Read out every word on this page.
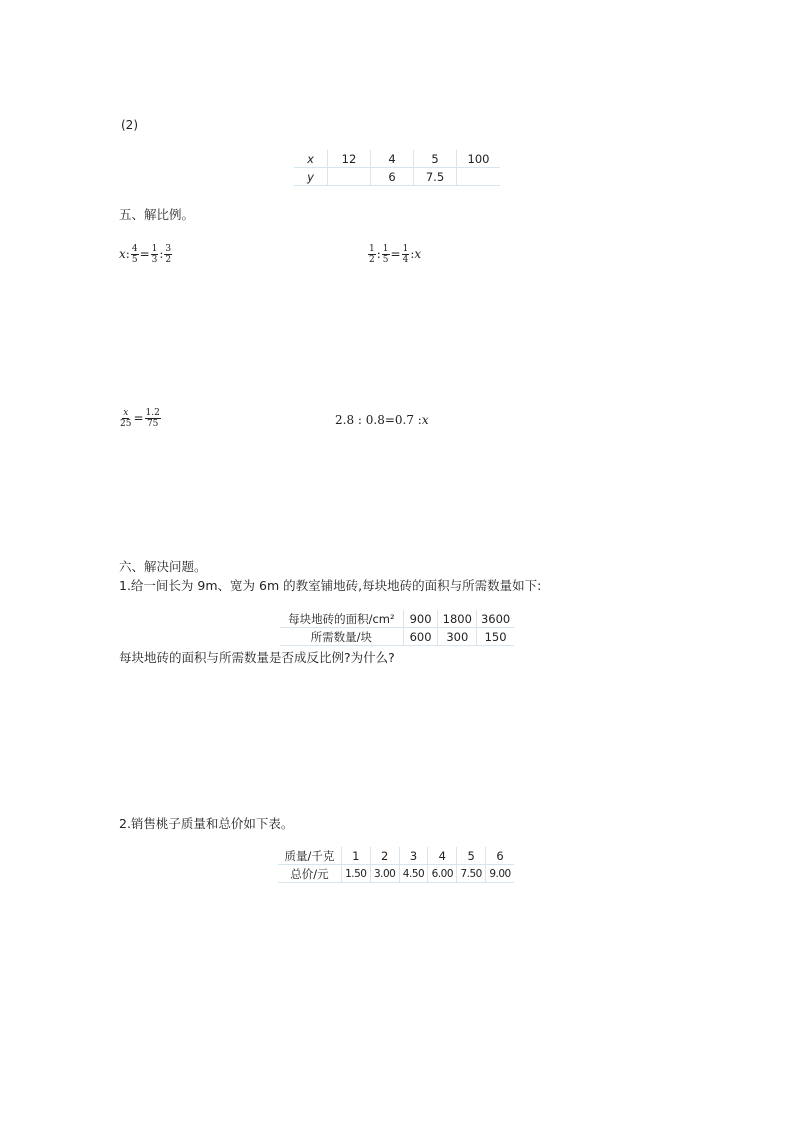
(2)
x	12	4	5	100
y		6	7.5	
五、解比例。
x: $\frac{4}{5} = \frac{1}{3}$ : $\frac{3}{2}$	$\frac{1}{2}$ : $\frac{1}{5} = \frac{1}{4}$ :x
$\frac{x}{25} = \frac{1.2}{75}$	2.8 : 0.8=0.7 :x
六、解决问题。
1.给一间长为 9m、宽为 6m 的教室铺地砖,每块地砖的面积与所需数量如下:
每块地砖的面积/cm²	900	1800	3600
所需数量/块	600	300	150
每块地砖的面积与所需数量是否成反比例?为什么?
2.销售桃子质量和总价如下表。
质量/千克	1	2	3	4	5	6
总价/元	1.50	3.00	4.50	6.00	7.50	9.00
